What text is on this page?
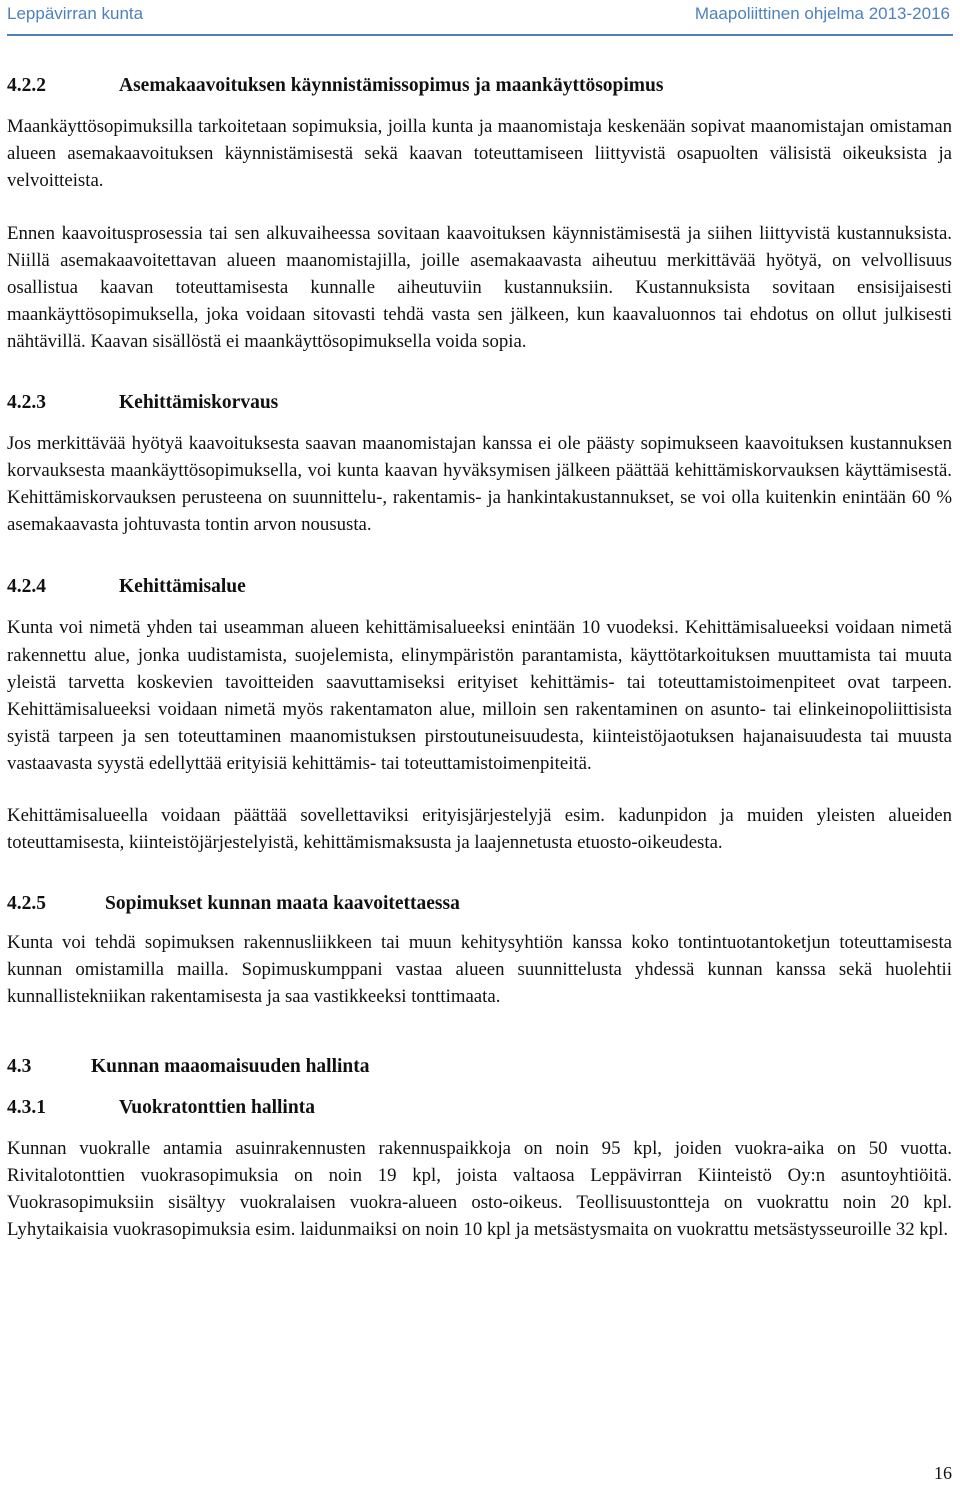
Leppävirran kunta	Maapoliittinen ohjelma 2013-2016
4.2.2	Asemakaavoituksen käynnistämissopimus ja maankäyttösopimus

Maankäyttösopimuksilla tarkoitetaan sopimuksia, joilla kunta ja maanomistaja keskenään sopivat maanomistajan omistaman alueen asemakaavoituksen käynnistämisestä sekä kaavan toteuttamiseen liittyvistä osapuolten välisistä oikeuksista ja velvoitteista.

Ennen kaavoitusprosessia tai sen alkuvaiheessa sovitaan kaavoituksen käynnistämisestä ja siihen liittyvistä kustannuksista. Niillä asemakaavoitettavan alueen maanomistajilla, joille asemakaavasta aiheutuu merkittävää hyötyä, on velvollisuus osallistua kaavan toteuttamisesta kunnalle aiheutuviin kustannuksiin. Kustannuksista sovitaan ensisijaisesti maankäyttösopimuksella, joka voidaan sitovasti tehdä vasta sen jälkeen, kun kaavaluonnos tai ehdotus on ollut julkisesti nähtävillä. Kaavan sisällöstä ei maankäyttösopimuksella voida sopia.

4.2.3	Kehittämiskorvaus

Jos merkittävää hyötyä kaavoituksesta saavan maanomistajan kanssa ei ole päästy sopimukseen kaavoituksen kustannuksen korvauksesta maankäyttösopimuksella, voi kunta kaavan hyväksymisen jälkeen päättää kehittämiskorvauksen käyttämisestä. Kehittämiskorvauksen perusteena on suunnittelu-, rakentamis- ja hankintakustannukset, se voi olla kuitenkin enintään 60 % asemakaavasta johtuvasta tontin arvon noususta.

4.2.4	Kehittämisalue

Kunta voi nimetä yhden tai useamman alueen kehittämisalueeksi enintään 10 vuodeksi. Kehittämisalueeksi voidaan nimetä rakennettu alue, jonka uudistamista, suojelemista, elinympäristön parantamista, käyttötarkoituksen muuttamista tai muuta yleistä tarvetta koskevien tavoitteiden saavuttamiseksi erityiset kehittämis- tai toteuttamistoimenpiteet ovat tarpeen. Kehittämisalueeksi voidaan nimetä myös rakentamaton alue, milloin sen rakentaminen on asunto- tai elinkeinopoliittisista syistä tarpeen ja sen toteuttaminen maanomistuksen pirstoutuneisuudesta, kiinteistöjaotuksen hajanaisuudesta tai muusta vastaavasta syystä edellyttää erityisiä kehittämis- tai toteuttamistoimenpiteitä.

Kehittämisalueella voidaan päättää sovellettaviksi erityisjärjestelyjä esim. kadunpidon ja muiden yleisten alueiden toteuttamisesta, kiinteistöjärjestelyistä, kehittämismaksusta ja laajennetusta etuosto-oikeudesta.

4.2.5	Sopimukset kunnan maata kaavoitettaessa

Kunta voi tehdä sopimuksen rakennusliikkeen tai muun kehitysyhtiön kanssa koko tontintuotantoketjun toteuttamisesta kunnan omistamilla mailla. Sopimuskumppani vastaa alueen suunnittelusta yhdessä kunnan kanssa sekä huolehtii kunnallistekniikan rakentamisesta ja saa vastikkeeksi tonttimaata.

4.3	Kunnan maaomaisuuden hallinta
4.3.1	Vuokratonttien hallinta

Kunnan vuokralle antamia asuinrakennusten rakennuspaikkoja on noin 95 kpl, joiden vuokra-aika on 50 vuotta. Rivitalotonttien vuokrasopimuksia on noin 19 kpl, joista valtaosa Leppävirran Kiinteistö Oy:n asuntoyhtiöitä. Vuokrasopimuksiin sisältyy vuokralaisen vuokra-alueen osto-oikeus. Teollisuustontteja on vuokrattu noin 20 kpl. Lyhytaikaisia vuokrasopimuksia esim. laidunmaiksi on noin 10 kpl ja metsästysmaita on vuokrattu metsästysseuroille 32 kpl.

16
